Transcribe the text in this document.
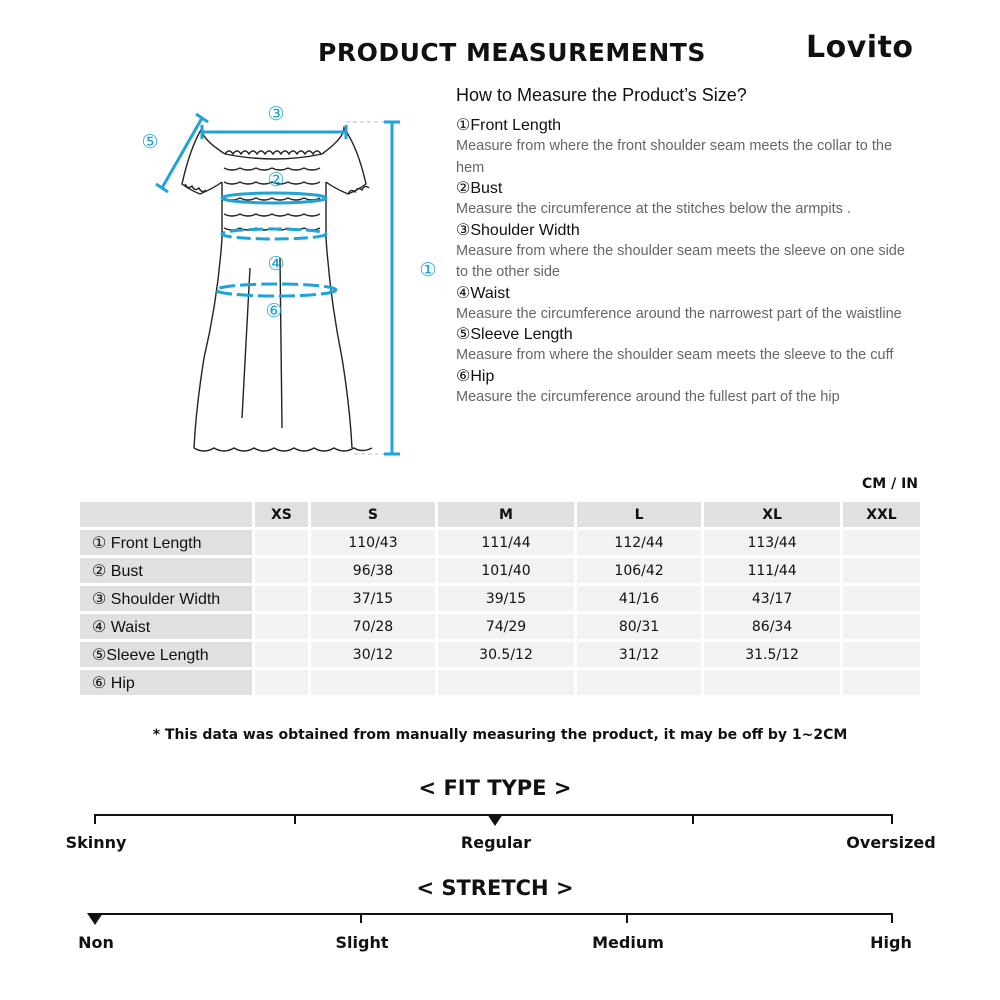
PRODUCT MEASUREMENTS	Lovito
③
⑤
②
④
⑥
①
How to Measure the Product’s Size?
①Front Length
Measure from where the front shoulder seam meets the collar to the hem
②Bust
Measure the circumference at the stitches below the armpits .
③Shoulder Width
Measure from where the shoulder seam meets the sleeve on one side to the other side
④Waist
Measure the circumference around the narrowest part of the waistline
⑤Sleeve Length
Measure from where the shoulder seam meets the sleeve to the cuff
⑥Hip
Measure the circumference around the fullest part of the hip
CM / IN
	XS	S	M	L	XL	XXL
① Front Length		110/43	111/44	112/44	113/44	
② Bust		96/38	101/40	106/42	111/44	
③ Shoulder Width		37/15	39/15	41/16	43/17	
④ Waist		70/28	74/29	80/31	86/34	
⑤Sleeve Length		30/12	30.5/12	31/12	31.5/12	
⑥ Hip						
* This data was obtained from manually measuring the product, it may be off by 1~2CM
< FIT TYPE >
Skinny	Regular	Oversized
< STRETCH >
Non	Slight	Medium	High
